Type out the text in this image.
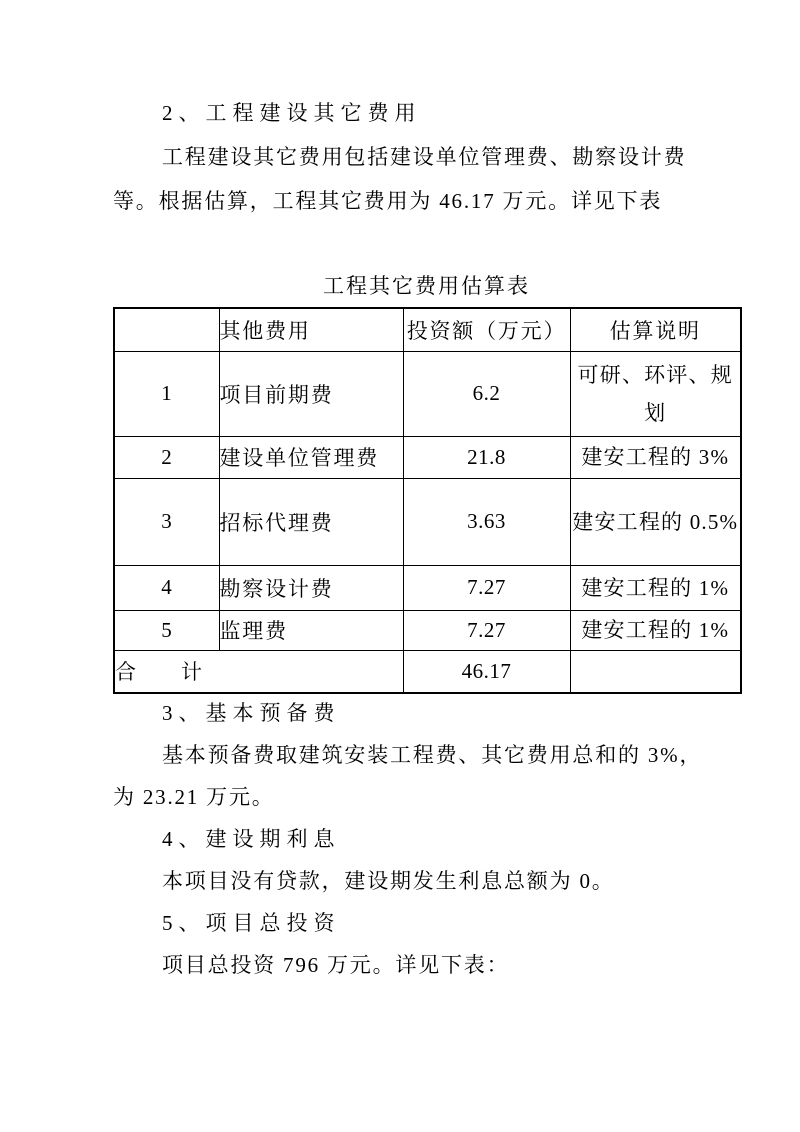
2、工程建设其它费用
工程建设其它费用包括建设单位管理费、勘察设计费
等。根据估算，工程其它费用为 46.17 万元。详见下表
工程其它费用估算表
	其他费用	投资额（万元）	估算说明
1	项目前期费	6.2	可研、环评、规划
2	建设单位管理费	21.8	建安工程的 3%
3	招标代理费	3.63	建安工程的 0.5%
4	勘察设计费	7.27	建安工程的 1%
5	监理费	7.27	建安工程的 1%
合　　计		46.17	
3、基本预备费
基本预备费取建筑安装工程费、其它费用总和的 3%，
为 23.21 万元。
4、建设期利息
本项目没有贷款，建设期发生利息总额为 0。
5、项目总投资
项目总投资 796 万元。详见下表：
